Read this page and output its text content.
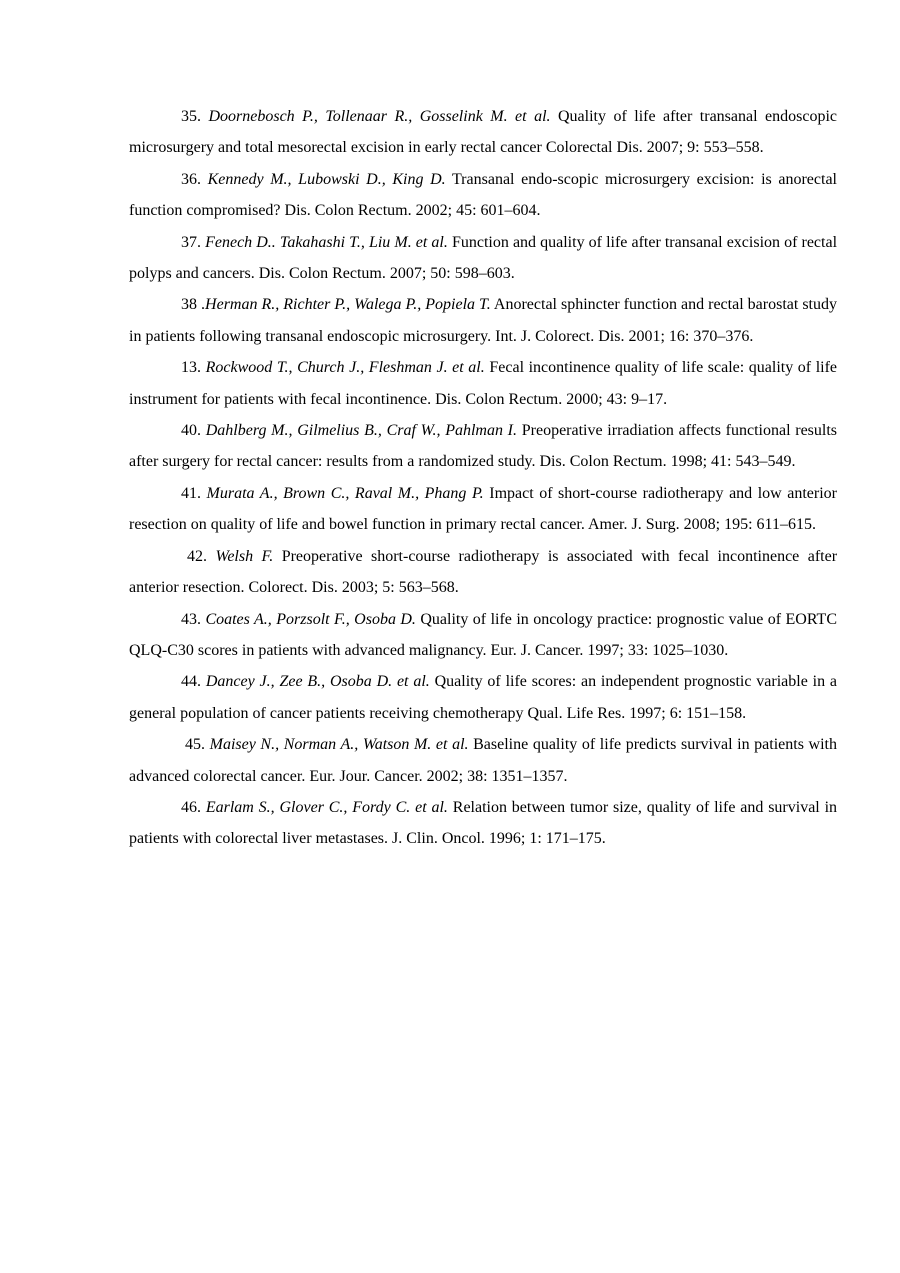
35. Doornebosch P., Tollenaar R., Gosselink M. et al. Quality of life after transanal endoscopic microsurgery and total mesorectal excision in early rectal cancer Colorectal Dis. 2007; 9: 553–558.
36. Kennedy M., Lubowski D., King D. Transanal endo-scopic microsurgery excision: is anorectal function compromised? Dis. Colon Rectum. 2002; 45: 601–604.
37. Fenech D.. Takahashi T., Liu M. et al. Function and quality of life after transanal excision of rectal polyps and cancers. Dis. Colon Rectum. 2007; 50: 598–603.
38 .Herman R., Richter P., Walega P., Popiela T. Anorectal sphincter function and rectal barostat study in patients following transanal endoscopic microsurgery. Int. J. Colorect. Dis. 2001; 16: 370–376.
13. Rockwood T., Church J., Fleshman J. et al. Fecal incontinence quality of life scale: quality of life instrument for patients with fecal incontinence. Dis. Colon Rectum. 2000; 43: 9–17.
40. Dahlberg M., Gilmelius B., Craf W., Pahlman I. Preoperative irradiation affects functional results after surgery for rectal cancer: results from a randomized study. Dis. Colon Rectum. 1998; 41: 543–549.
41. Murata A., Brown C., Raval M., Phang P. Impact of short-course radiotherapy and low anterior resection on quality of life and bowel function in primary rectal cancer. Amer. J. Surg. 2008; 195: 611–615.
42. Welsh F. Preoperative short-course radiotherapy is associated with fecal incontinence after anterior resection. Colorect. Dis. 2003; 5: 563–568.
43. Coates A., Porzsolt F., Osoba D. Quality of life in oncology practice: prognostic value of EORTC QLQ-C30 scores in patients with advanced malignancy. Eur. J. Cancer. 1997; 33: 1025–1030.
44. Dancey J., Zee B., Osoba D. et al. Quality of life scores: an independent prognostic variable in a general population of cancer patients receiving chemotherapy Qual. Life Res. 1997; 6: 151–158.
45. Maisey N., Norman A., Watson M. et al. Baseline quality of life predicts survival in patients with advanced colorectal cancer. Eur. Jour. Cancer. 2002; 38: 1351–1357.
46. Earlam S., Glover C., Fordy C. et al. Relation between tumor size, quality of life and survival in patients with colorectal liver metastases. J. Clin. Oncol. 1996; 1: 171–175.
